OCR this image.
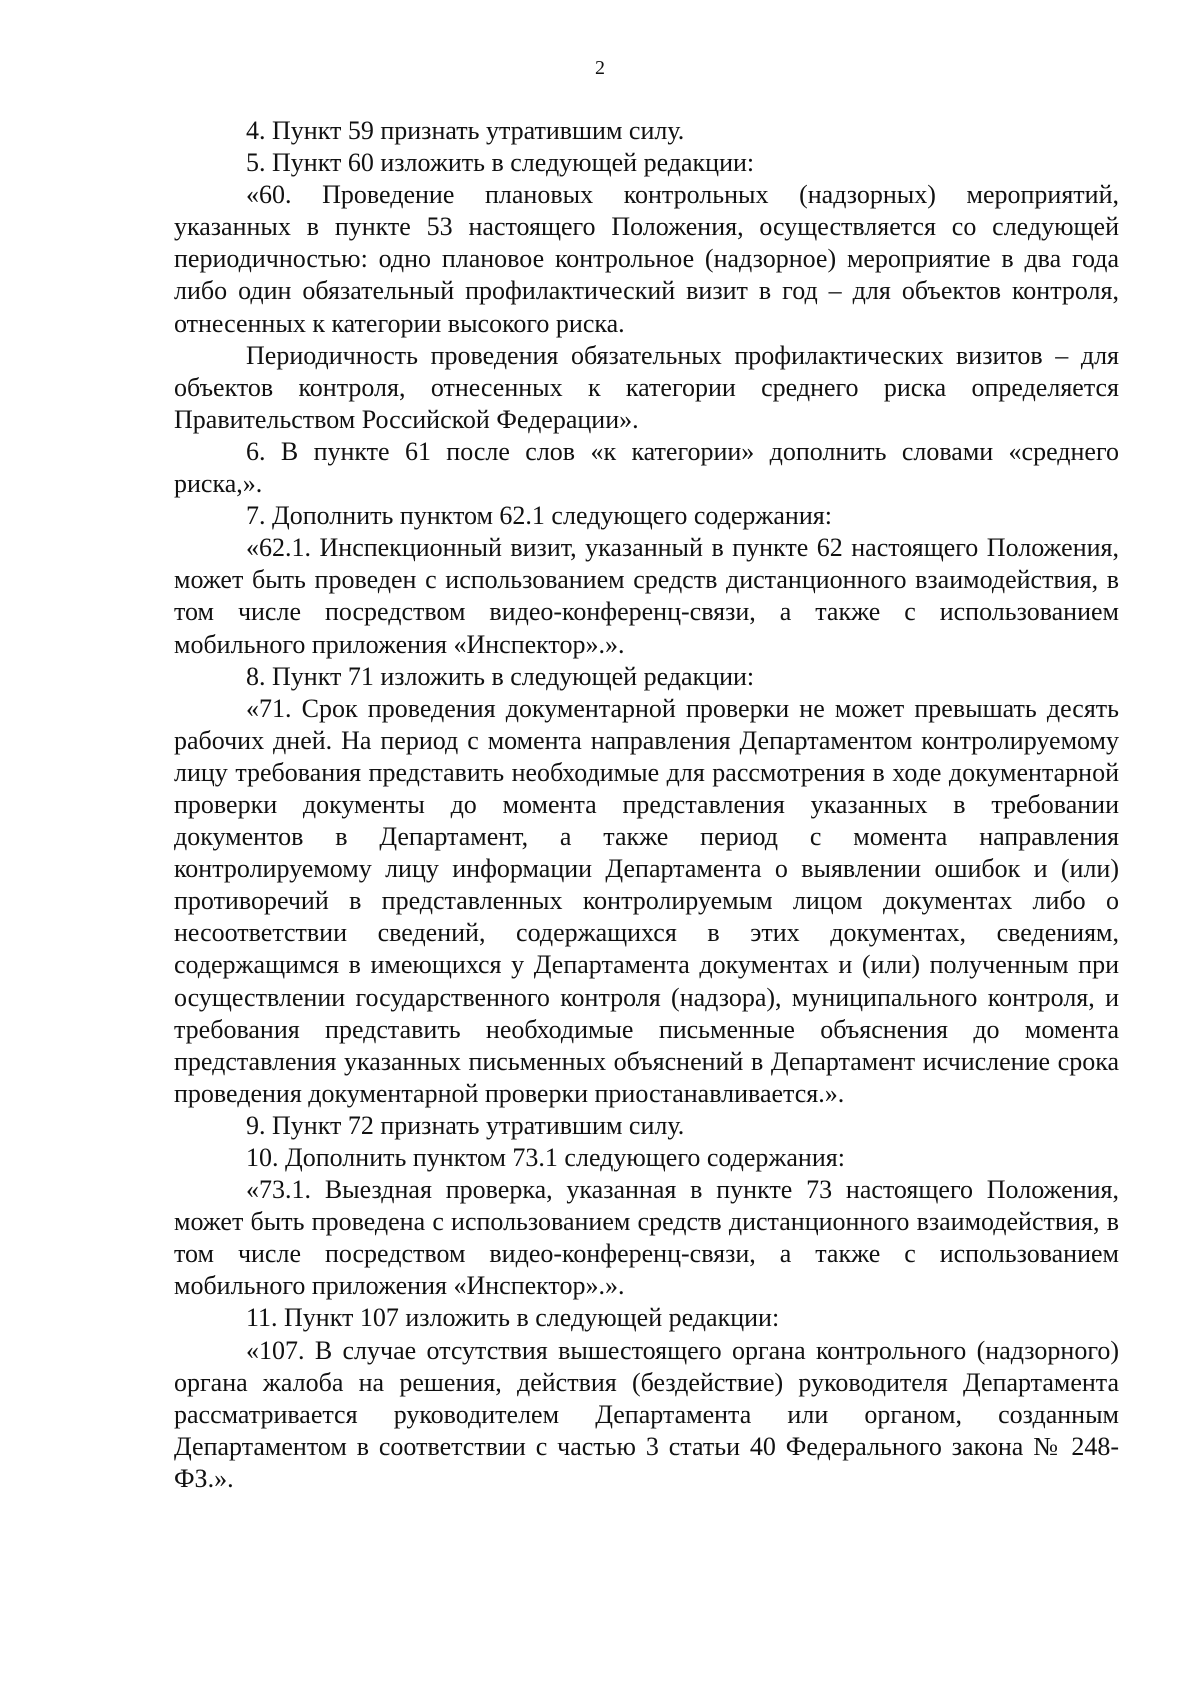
2

4. Пункт 59 признать утратившим силу.

5. Пункт 60 изложить в следующей редакции:

«60. Проведение плановых контрольных (надзорных) мероприятий, указанных в пункте 53 настоящего Положения, осуществляется со следующей периодичностью: одно плановое контрольное (надзорное) мероприятие в два года либо один обязательный профилактический визит в год – для объектов контроля, отнесенных к категории высокого риска.

Периодичность проведения обязательных профилактических визитов – для объектов контроля, отнесенных к категории среднего риска определяется Правительством Российской Федерации».

6. В пункте 61 после слов «к категории» дополнить словами «среднего риска,».

7. Дополнить пунктом 62.1 следующего содержания:

«62.1. Инспекционный визит, указанный в пункте 62 настоящего Положения, может быть проведен с использованием средств дистанционного взаимодействия, в том числе посредством видео-конференц-связи, а также с использованием мобильного приложения «Инспектор».».

8. Пункт 71 изложить в следующей редакции:

«71. Срок проведения документарной проверки не может превышать десять рабочих дней. На период с момента направления Департаментом контролируемому лицу требования представить необходимые для рассмотрения в ходе документарной проверки документы до момента представления указанных в требовании документов в Департамент, а также период с момента направления контролируемому лицу информации Департамента о выявлении ошибок и (или) противоречий в представленных контролируемым лицом документах либо о несоответствии сведений, содержащихся в этих документах, сведениям, содержащимся в имеющихся у Департамента документах и (или) полученным при осуществлении государственного контроля (надзора), муниципального контроля, и требования представить необходимые письменные объяснения до момента представления указанных письменных объяснений в Департамент исчисление срока проведения документарной проверки приостанавливается.».

9. Пункт 72 признать утратившим силу.

10. Дополнить пунктом 73.1 следующего содержания:

«73.1. Выездная проверка, указанная в пункте 73 настоящего Положения, может быть проведена с использованием средств дистанционного взаимодействия, в том числе посредством видео-конференц-связи, а также с использованием мобильного приложения «Инспектор».».

11. Пункт 107 изложить в следующей редакции:

«107. В случае отсутствия вышестоящего органа контрольного (надзорного) органа жалоба на решения, действия (бездействие) руководителя Департамента рассматривается руководителем Департамента или органом, созданным Департаментом в соответствии с частью 3 статьи 40 Федерального закона № 248-ФЗ.».
